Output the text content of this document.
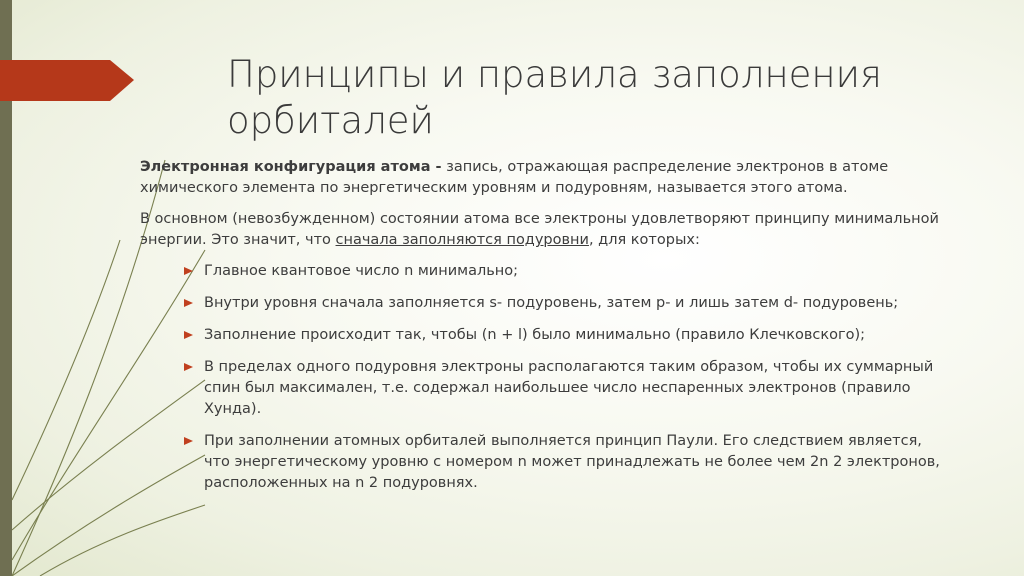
Принципы и правила заполнения орбиталей

Электронная конфигурация атома - запись, отражающая распределение электронов в атоме химического элемента по энергетическим уровням и подуровням, называется этого атома.

В основном (невозбужденном) состоянии атома все электроны удовлетворяют принципу минимальной энергии. Это значит, что сначала заполняются подуровни, для которых:

Главное квантовое число n минимально;
Внутри уровня сначала заполняется s- подуровень, затем p- и лишь затем d- подуровень;
Заполнение происходит так, чтобы (n + l) было минимально (правило Клечковского);
В пределах одного подуровня электроны располагаются таким образом, чтобы их суммарный спин был максимален, т.е. содержал наибольшее число неспаренных электронов (правило Хунда).
При заполнении атомных орбиталей выполняется принцип Паули. Его следствием является, что энергетическому уровню с номером n может принадлежать не более чем 2n 2 электронов, расположенных на n 2 подуровнях.
